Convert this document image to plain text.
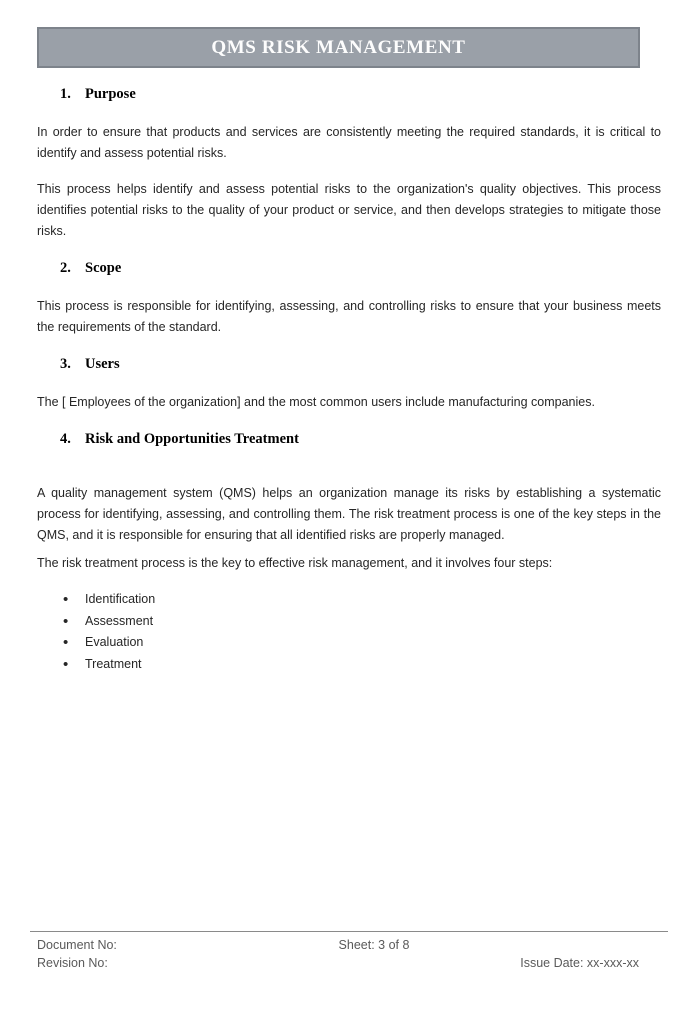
QMS RISK MANAGEMENT
1. Purpose

In order to ensure that products and services are consistently meeting the required standards, it is critical to identify and assess potential risks.

This process helps identify and assess potential risks to the organization's quality objectives. This process identifies potential risks to the quality of your product or service, and then develops strategies to mitigate those risks.

2. Scope

This process is responsible for identifying, assessing, and controlling risks to ensure that your business meets the requirements of the standard.

3. Users

The [ Employees of the organization] and the most common users include manufacturing companies.

4. Risk and Opportunities Treatment

A quality management system (QMS) helps an organization manage its risks by establishing a systematic process for identifying, assessing, and controlling them. The risk treatment process is one of the key steps in the QMS, and it is responsible for ensuring that all identified risks are properly managed.

The risk treatment process is the key to effective risk management, and it involves four steps:

• Identification
• Assessment
• Evaluation
• Treatment
Document No:	Sheet: 3 of 8
Revision No:	Issue Date: xx-xxx-xx
